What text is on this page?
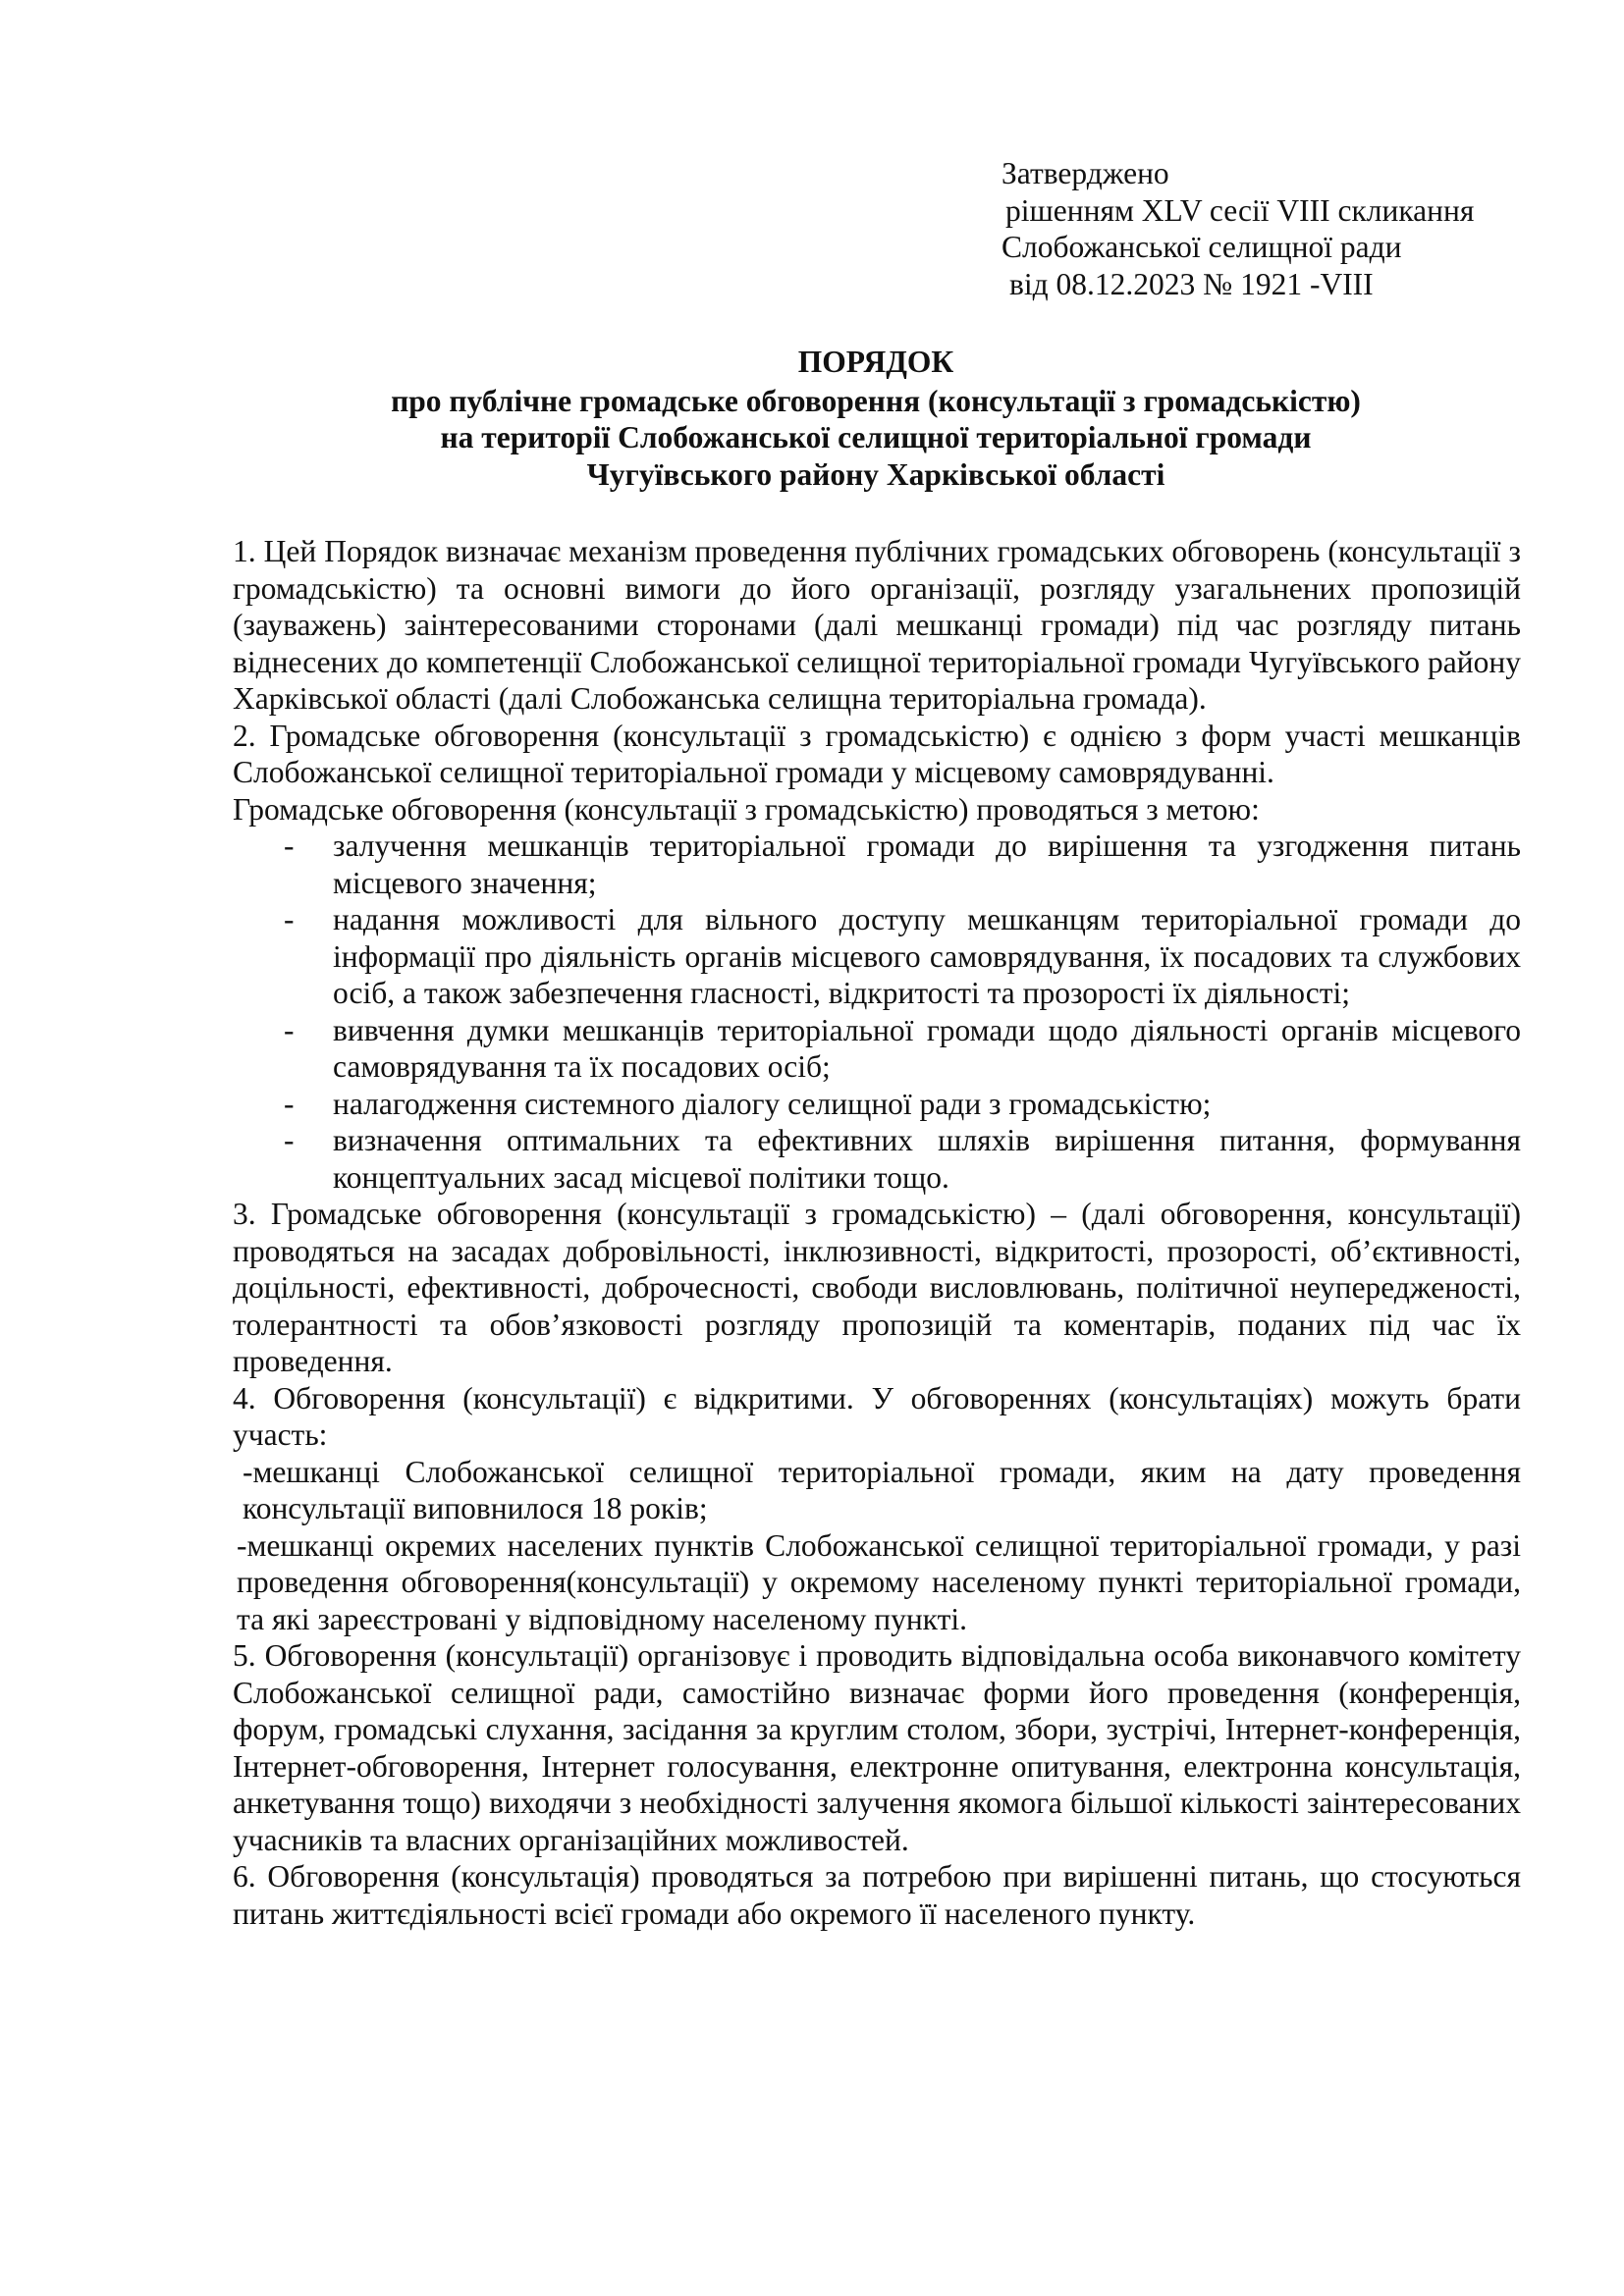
Затверджено
рішенням XLV сесії VIII скликання
Слобожанської селищної ради
від 08.12.2023 № 1921 -VIII
ПОРЯДОК
про публічне громадське обговорення (консультації з громадськістю)
на території Слобожанської селищної територіальної громади
Чугуївського району Харківської області

1. Цей Порядок визначає механізм проведення публічних громадських обговорень (консультації з громадськістю) та основні вимоги до його організації, розгляду узагальнених пропозицій (зауважень) заінтересованими сторонами (далі мешканці громади) під час розгляду питань віднесених до компетенції Слобожанської селищної територіальної громади Чугуївського району Харківської області (далі Слобожанська селищна територіальна громада).

2. Громадське обговорення (консультації з громадськістю) є однією з форм участі мешканців Слобожанської селищної територіальної громади у місцевому самоврядуванні.

Громадське обговорення (консультації з громадськістю) проводяться з метою:

- залучення мешканців територіальної громади до вирішення та узгодження питань місцевого значення;
- надання можливості для вільного доступу мешканцям територіальної громади до інформації про діяльність органів місцевого самоврядування, їх посадових та службових осіб, а також забезпечення гласності, відкритості та прозорості їх діяльності;
- вивчення думки мешканців територіальної громади щодо діяльності органів місцевого самоврядування та їх посадових осіб;
- налагодження системного діалогу селищної ради з громадськістю;
- визначення оптимальних та ефективних шляхів вирішення питання, формування концептуальних засад місцевої політики тощо.

3. Громадське обговорення (консультації з громадськістю) – (далі обговорення, консультації) проводяться на засадах добровільності, інклюзивності, відкритості, прозорості, об’єктивності, доцільності, ефективності, доброчесності, свободи висловлювань, політичної неупередженості, толерантності та обов’язковості розгляду пропозицій та коментарів, поданих під час їх проведення.

4. Обговорення (консультації) є відкритими. У обговореннях (консультаціях) можуть брати участь:

-мешканці Слобожанської селищної територіальної громади, яким на дату проведення консультації виповнилося 18 років;

-мешканці окремих населених пунктів Слобожанської селищної територіальної громади, у разі проведення обговорення(консультації) у окремому населеному пункті територіальної громади, та які зареєстровані у відповідному населеному пункті.

5. Обговорення (консультації) організовує і проводить відповідальна особа виконавчого комітету Слобожанської селищної ради, самостійно визначає форми його проведення (конференція, форум, громадські слухання, засідання за круглим столом, збори, зустрічі, Інтернет-конференція, Інтернет-обговорення, Інтернет голосування, електронне опитування, електронна консультація, анкетування тощо) виходячи з необхідності залучення якомога більшої кількості заінтересованих учасників та власних організаційних можливостей.

6. Обговорення (консультація) проводяться за потребою при вирішенні питань, що стосуються питань життєдіяльності всієї громади або окремого її населеного пункту.
